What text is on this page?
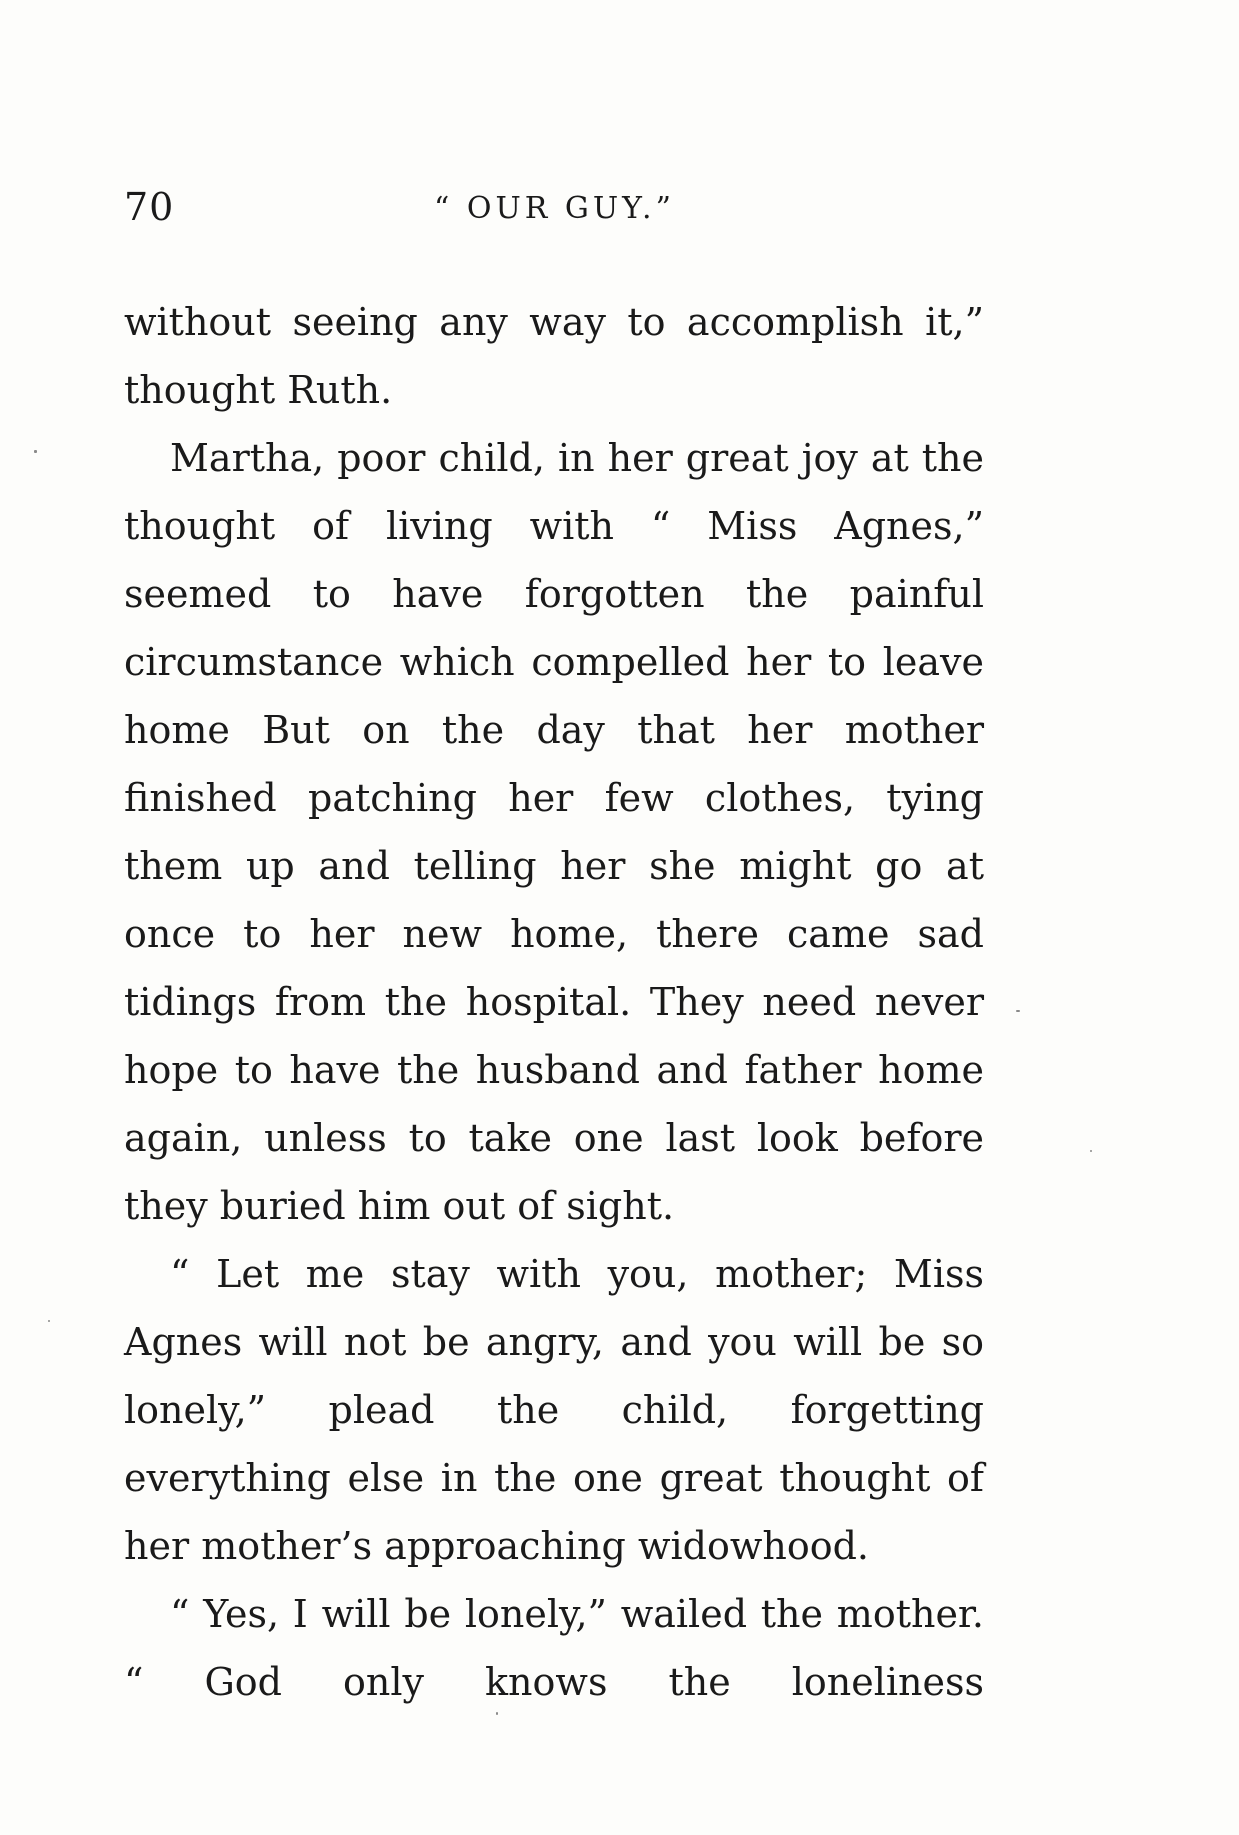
70	“ OUR GUY.”

without seeing any way to accomplish it,” thought Ruth.

Martha, poor child, in her great joy at the thought of living with “ Miss Agnes,” seemed to have forgotten the painful circumstance which compelled her to leave home But on the day that her mother finished patching her few clothes, tying them up and telling her she might go at once to her new home, there came sad tidings from the hospital. They need never hope to have the husband and father home again, unless to take one last look before they buried him out of sight.

“ Let me stay with you, mother; Miss Agnes will not be angry, and you will be so lonely,” plead the child, forgetting everything else in the one great thought of her mother’s approaching widowhood.

“ Yes, I will be lonely,” wailed the mother. “ God only knows the loneliness
